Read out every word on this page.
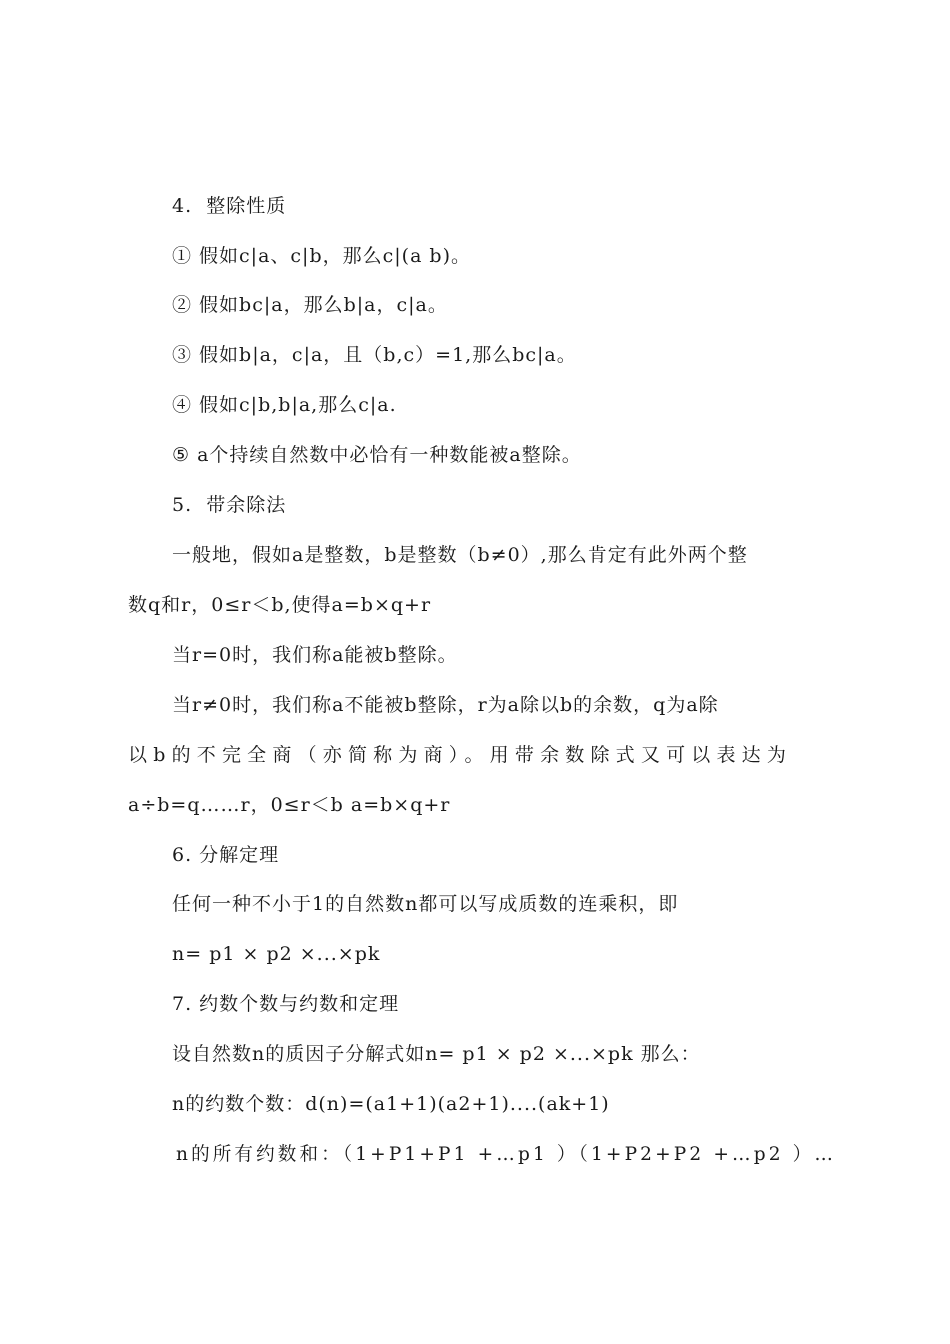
4.  整除性质
① 假如c|a、c|b，那么c|(a b)。
② 假如bc|a，那么b|a，c|a。
③ 假如b|a，c|a，且（b,c）=1,那么bc|a。
④ 假如c|b,b|a,那么c|a.
⑤ a个持续自然数中必恰有一种数能被a整除。
5.  带余除法
一般地，假如a是整数，b是整数（b≠0）,那么肯定有此外两个整
数q和r，0≤r＜b,使得a=b×q+r
当r=0时，我们称a能被b整除。
当r≠0时，我们称a不能被b整除，r为a除以b的余数，q为a除
以b的不完全商（亦简称为商）。用带余数除式又可以表达为
a÷b=q……r，0≤r＜b a=b×q+r
6. 分解定理
任何一种不小于1的自然数n都可以写成质数的连乘积，即
n= p1 × p2 ×...×pk
7. 约数个数与约数和定理
设自然数n的质因子分解式如n= p1 × p2 ×...×pk 那么：
n的约数个数：d(n)=(a1+1)(a2+1)....(ak+1)
n的所有约数和：（1+P1+P1 +…p1 ）（1+P2+P2 +…p2 ）…
